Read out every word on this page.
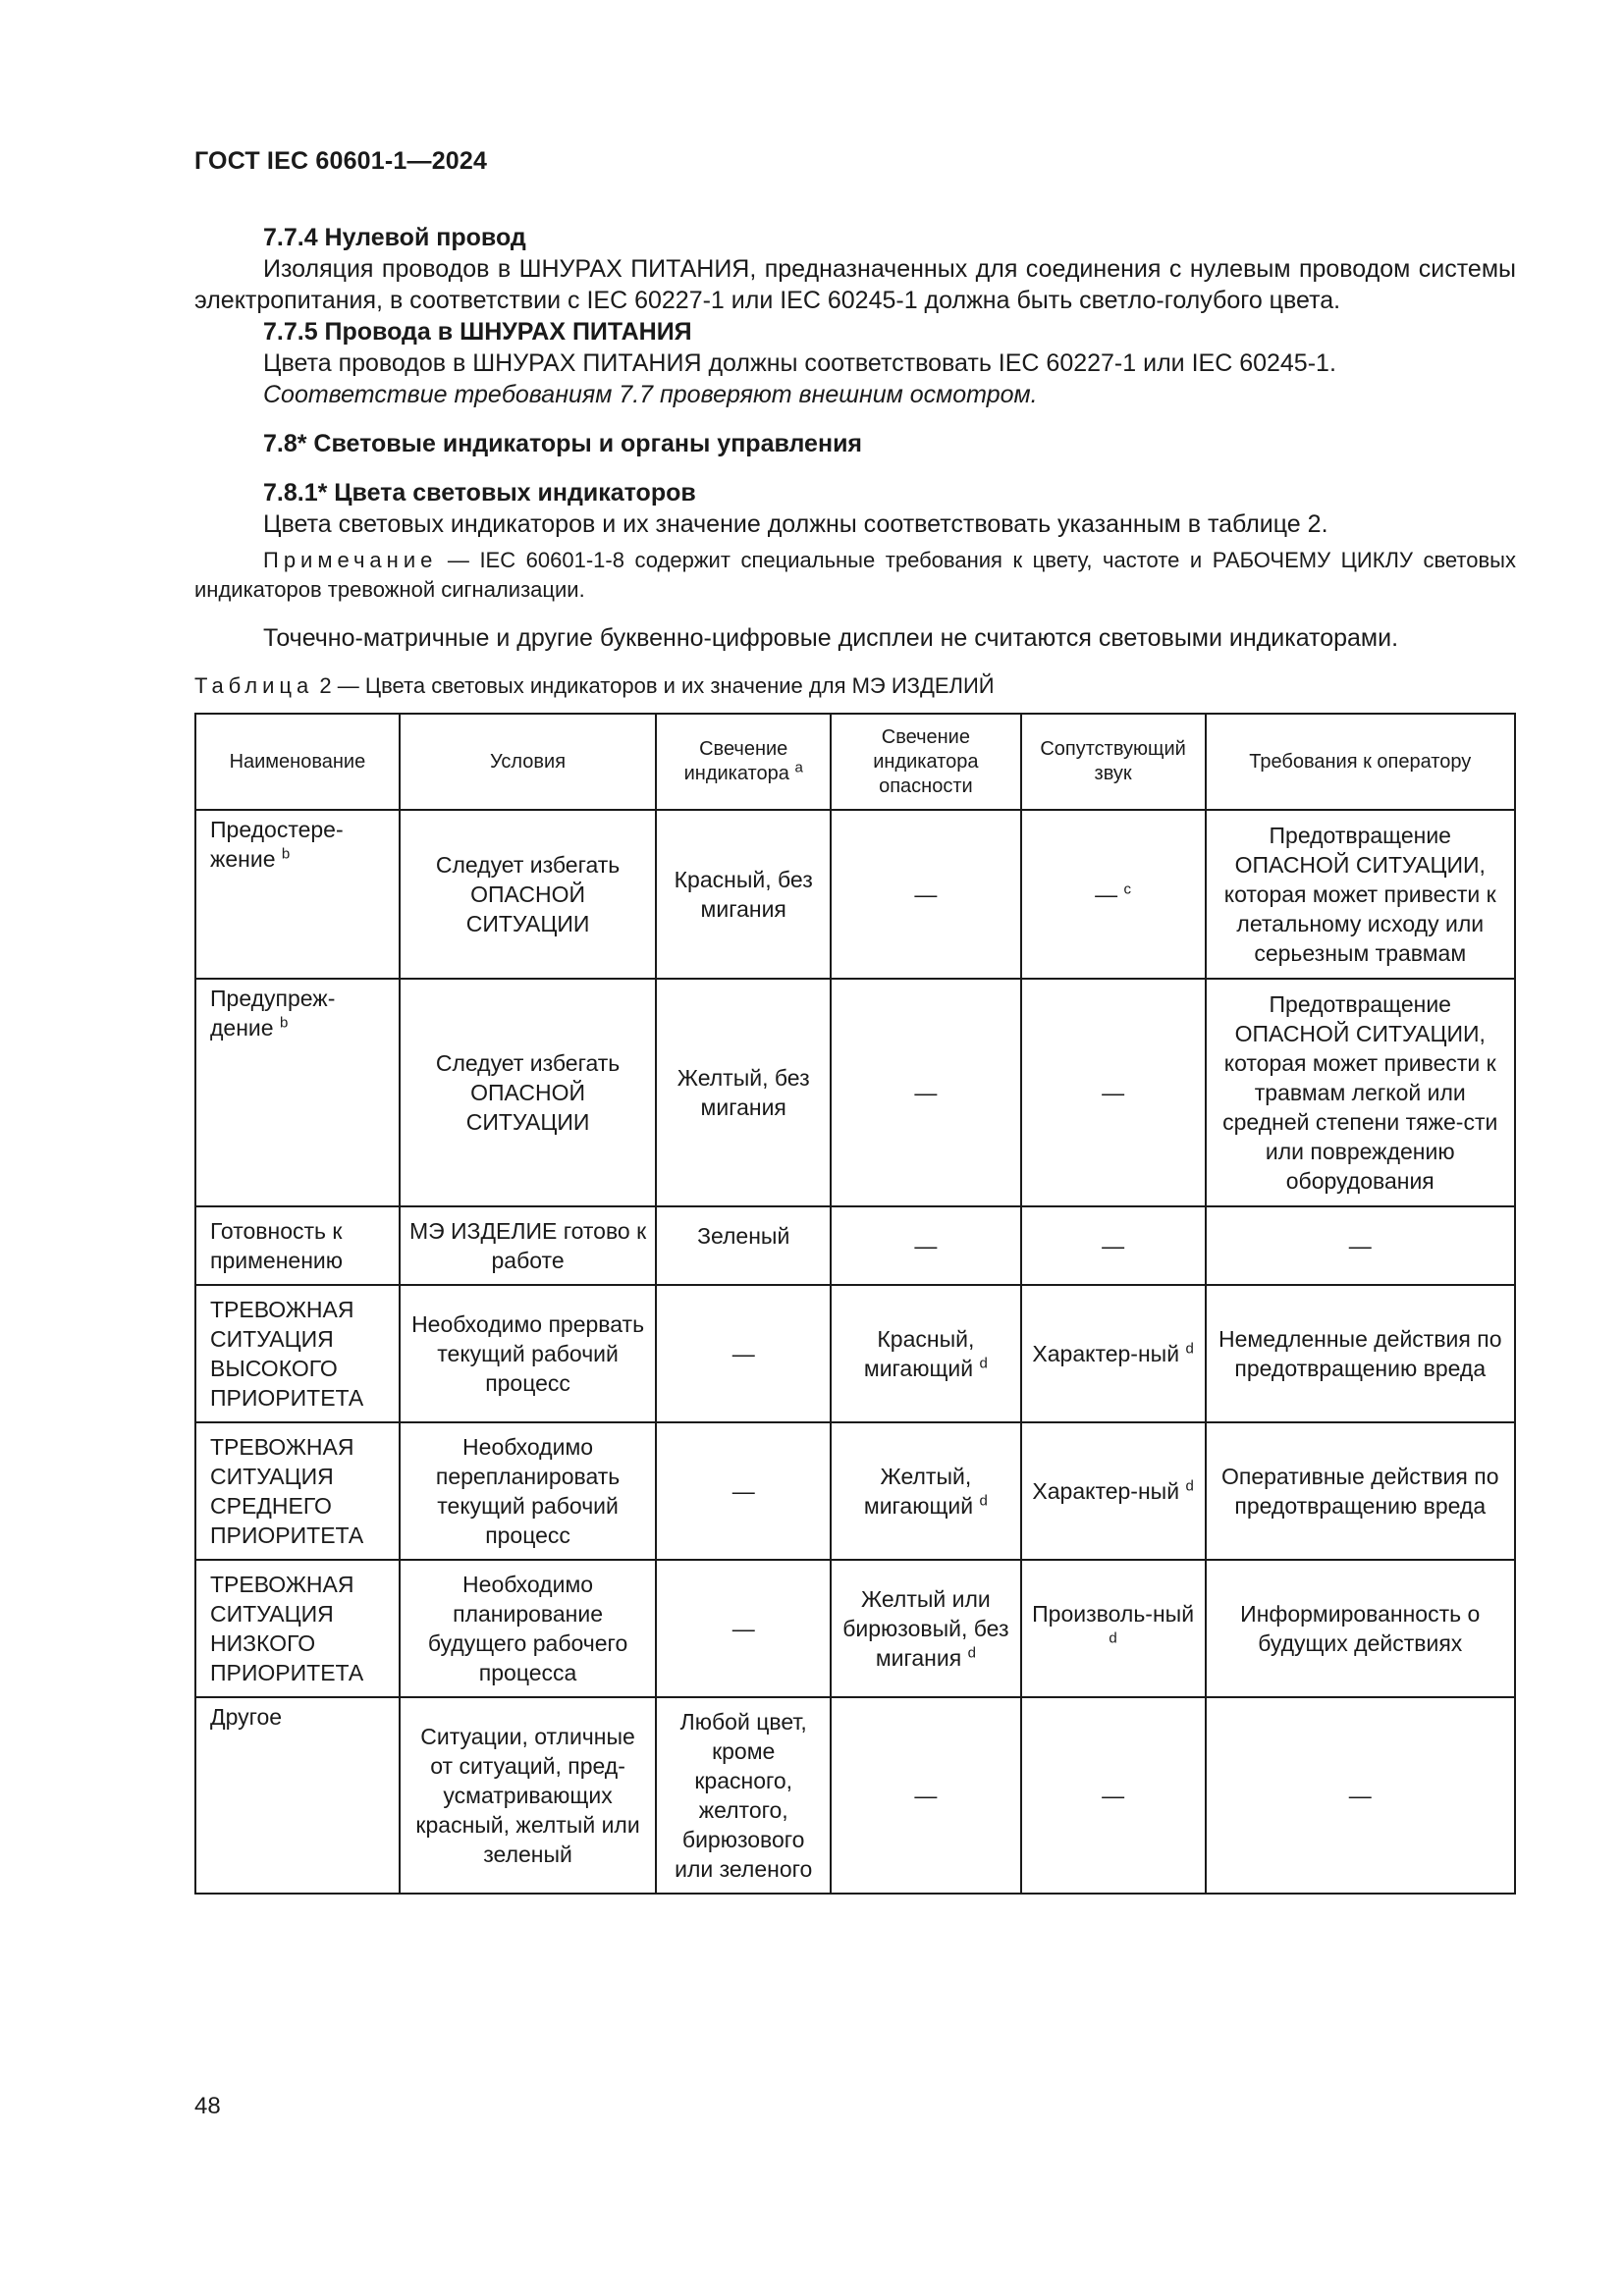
ГОСТ IEC 60601-1—2024

7.7.4 Нулевой провод

Изоляция проводов в ШНУРАХ ПИТАНИЯ, предназначенных для соединения с нулевым проводом системы электропитания, в соответствии с IEC 60227-1 или IEC 60245-1 должна быть светло-голубого цвета.

7.7.5 Провода в ШНУРАХ ПИТАНИЯ

Цвета проводов в ШНУРАХ ПИТАНИЯ должны соответствовать IEC 60227-1 или IEC 60245-1.

Соответствие требованиям 7.7 проверяют внешним осмотром.

7.8* Световые индикаторы и органы управления

7.8.1* Цвета световых индикаторов

Цвета световых индикаторов и их значение должны соответствовать указанным в таблице 2.

Примечание — IEC 60601-1-8 содержит специальные требования к цвету, частоте и РАБОЧЕМУ ЦИКЛУ световых индикаторов тревожной сигнализации.

Точечно-матричные и другие буквенно-цифровые дисплеи не считаются световыми индикаторами.

Таблица 2 — Цвета световых индикаторов и их значение для МЭ ИЗДЕЛИЙ

Наименование	Условия	Свечение индикатора $^a$	Свечение индикатора опасности	Сопутствующий звук	Требования к оператору
Предостере-жение $^b$	Следует избегать ОПАСНОЙ СИТУАЦИИ	Красный, без мигания	—	— $^c$	Предотвращение ОПАСНОЙ СИТУАЦИИ, которая может привести к летальному исходу или серьезным травмам
Предупреж-дение $^b$	Следует избегать ОПАСНОЙ СИТУАЦИИ	Желтый, без мигания	—	—	Предотвращение ОПАСНОЙ СИТУАЦИИ, которая может привести к травмам легкой или средней степени тяже-сти или повреждению оборудования
Готовность к применению	МЭ ИЗДЕЛИЕ готово к работе	Зеленый	—	—	—
ТРЕВОЖНАЯ СИТУАЦИЯ ВЫСОКОГО ПРИОРИТЕТА	Необходимо прервать текущий рабочий процесс	—	Красный, мигающий $^d$	Характер-ный $^d$	Немедленные действия по предотвращению вреда
ТРЕВОЖНАЯ СИТУАЦИЯ СРЕДНЕГО ПРИОРИТЕТА	Необходимо перепланировать текущий рабочий процесс	—	Желтый, мигающий $^d$	Характер-ный $^d$	Оперативные действия по предотвращению вреда
ТРЕВОЖНАЯ СИТУАЦИЯ НИЗКОГО ПРИОРИТЕТА	Необходимо планирование будущего рабочего процесса	—	Желтый или бирюзовый, без мигания $^d$	Произволь-ный $^d$	Информированность о будущих действиях
Другое	Ситуации, отличные от ситуаций, пред-усматривающих красный, желтый или зеленый	Любой цвет, кроме красного, желтого, бирюзового или зеленого	—	—	—
48
